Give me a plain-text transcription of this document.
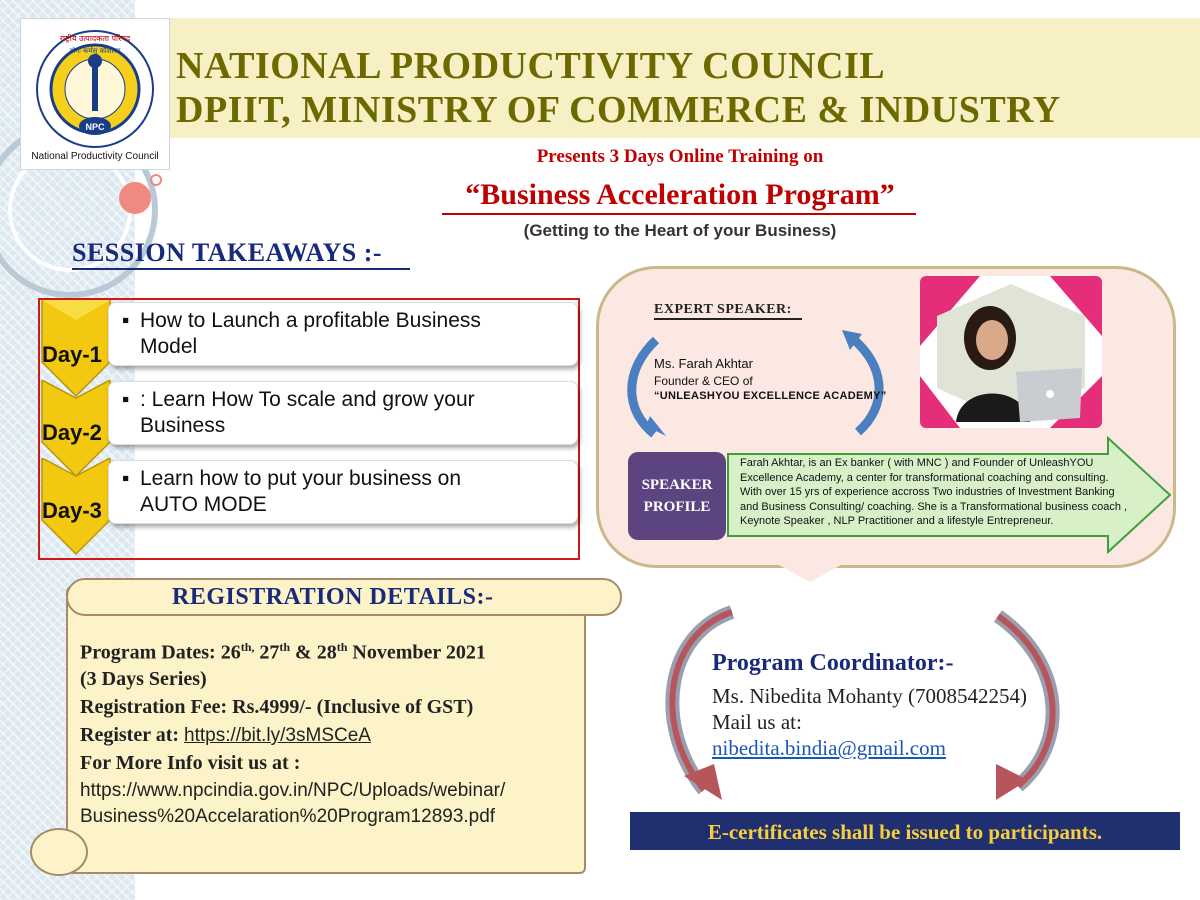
NPC
राष्ट्रीय उत्पादकता परिषद
योगः कर्मसु कौशलम्
National Productivity Council
NATIONAL PRODUCTIVITY COUNCIL
DPIIT, MINISTRY OF COMMERCE & INDUSTRY
Presents 3 Days Online Training on
“Business Acceleration Program”
(Getting to the Heart of your Business)
SESSION TAKEAWAYS :-
Day-1
▪ How to Launch a profitable Business
Model
Day-2
▪ : Learn How To scale and grow your
Business
Day-3
▪ Learn how to put your business on
AUTO MODE
EXPERT SPEAKER:
Ms. Farah Akhtar
Founder & CEO of
“UNLEASHYOU EXCELLENCE ACADEMY”
SPEAKER
PROFILE
Farah Akhtar, is an Ex banker ( with MNC ) and Founder of UnleashYOU Excellence Academy, a center for transformational coaching and consulting. With over 15 yrs of experience accross Two industries of Investment Banking and Business Consulting/ coaching. She is a Transformational business coach , Keynote Speaker , NLP Practitioner and a lifestyle Entrepreneur.
REGISTRATION DETAILS:-
Program Dates: $26^{th,}$ 27th & 28th November 2021
(3 Days Series)
Registration Fee: Rs.4999/- (Inclusive of GST)
Register at: https://bit.ly/3sMSCeA
For More Info visit us at :
https://www.npcindia.gov.in/NPC/Uploads/webinar/
Business%20Accelaration%20Program12893.pdf
Program Coordinator:-
Ms. Nibedita Mohanty (7008542254)
Mail us at:
nibedita.bindia@gmail.com
E-certificates shall be issued to participants.
